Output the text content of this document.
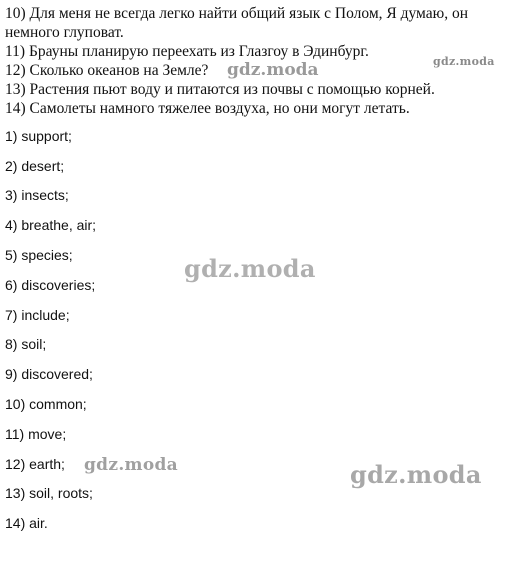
10) Для меня не всегда легко найти общий язык с Полом, Я думаю, он
немного глуповат.
11) Брауны планирую переехать из Глазгоу в Эдинбург.
12) Сколько океанов на Земле?
13) Растения пьют воду и питаются из почвы с помощью корней.
14) Самолеты намного тяжелее воздуха, но они могут летать.
1) support;
2) desert;
3) insects;
4) breathe, air;
5) species;
6) discoveries;
7) include;
8) soil;
9) discovered;
10) common;
11) move;
12) earth;
13) soil, roots;
14) air.
gdz.moda	gdz.moda
gdz.moda
gdz.moda	gdz.moda
